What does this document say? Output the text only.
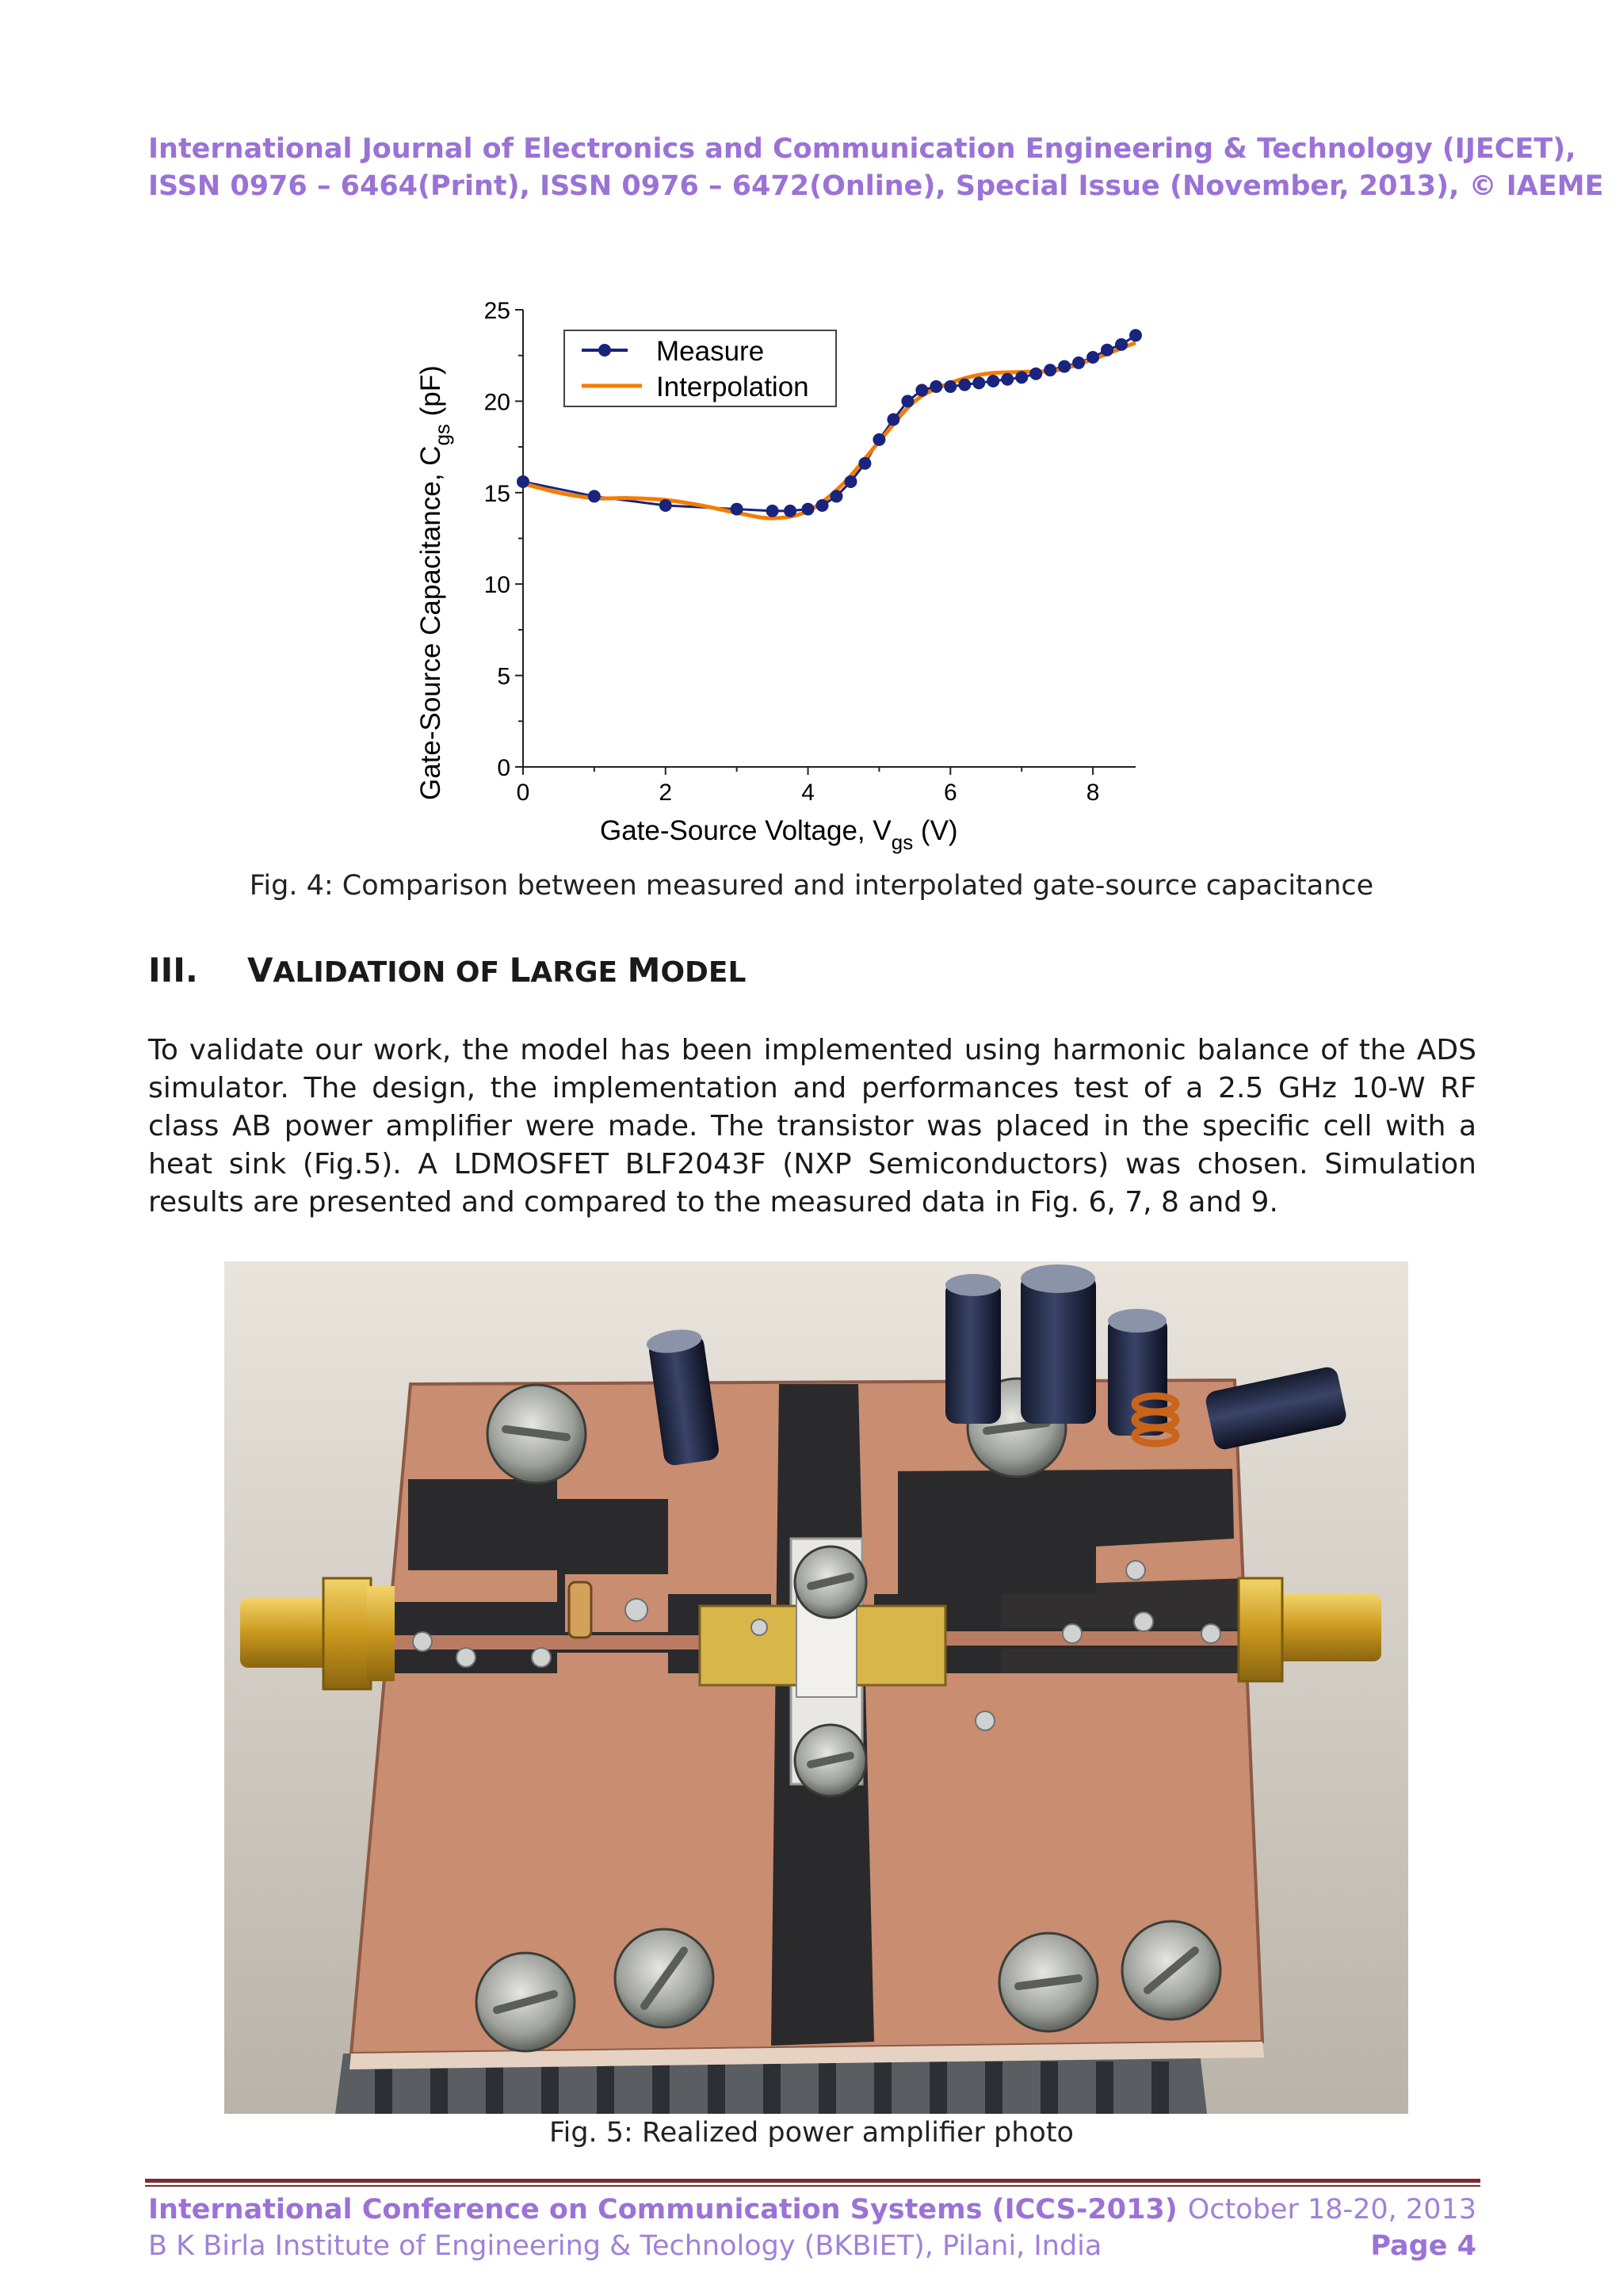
International Journal of Electronics and Communication Engineering & Technology (IJECET),
ISSN 0976 – 6464(Print), ISSN 0976 – 6472(Online), Special Issue (November, 2013), © IAEME
0	2	4	6	8
0
5
10
15
20
25
Measure
Interpolation
Gate-Source Voltage, $V_{gs}$ (V)
Gate-Source Capacitance, $C_{gs}$ (pF)
Fig. 4: Comparison between measured and interpolated gate-source capacitance
III. VALIDATION OF LARGE MODEL
To validate our work, the model has been implemented using harmonic balance of the ADS simulator. The design, the implementation and performances test of a 2.5 GHz 10-W RF class AB power amplifier were made. The transistor was placed in the specific cell with a heat sink (Fig.5). A LDMOSFET BLF2043F (NXP Semiconductors) was chosen. Simulation results are presented and compared to the measured data in Fig. 6, 7, 8 and 9.
Fig. 5: Realized power amplifier photo
International Conference on Communication Systems (ICCS-2013) October 18-20, 2013
B K Birla Institute of Engineering & Technology (BKBIET), Pilani, India	Page 4
